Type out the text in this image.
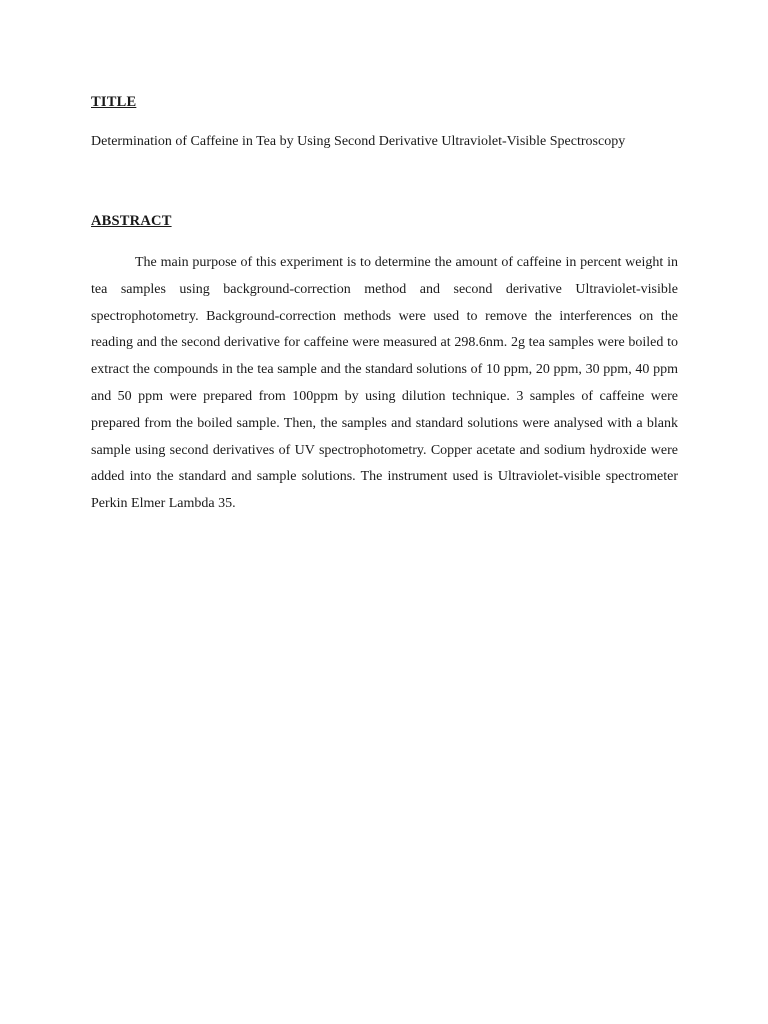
TITLE

Determination of Caffeine in Tea by Using Second Derivative Ultraviolet-Visible Spectroscopy

ABSTRACT

The main purpose of this experiment is to determine the amount of caffeine in percent weight in tea samples using background-correction method and second derivative Ultraviolet-visible spectrophotometry. Background-correction methods were used to remove the interferences on the reading and the second derivative for caffeine were measured at 298.6nm. 2g tea samples were boiled to extract the compounds in the tea sample and the standard solutions of 10 ppm, 20 ppm, 30 ppm, 40 ppm and 50 ppm were prepared from 100ppm by using dilution technique. 3 samples of caffeine were prepared from the boiled sample. Then, the samples and standard solutions were analysed with a blank sample using second derivatives of UV spectrophotometry. Copper acetate and sodium hydroxide were added into the standard and sample solutions. The instrument used is Ultraviolet-visible spectrometer Perkin Elmer Lambda 35.
